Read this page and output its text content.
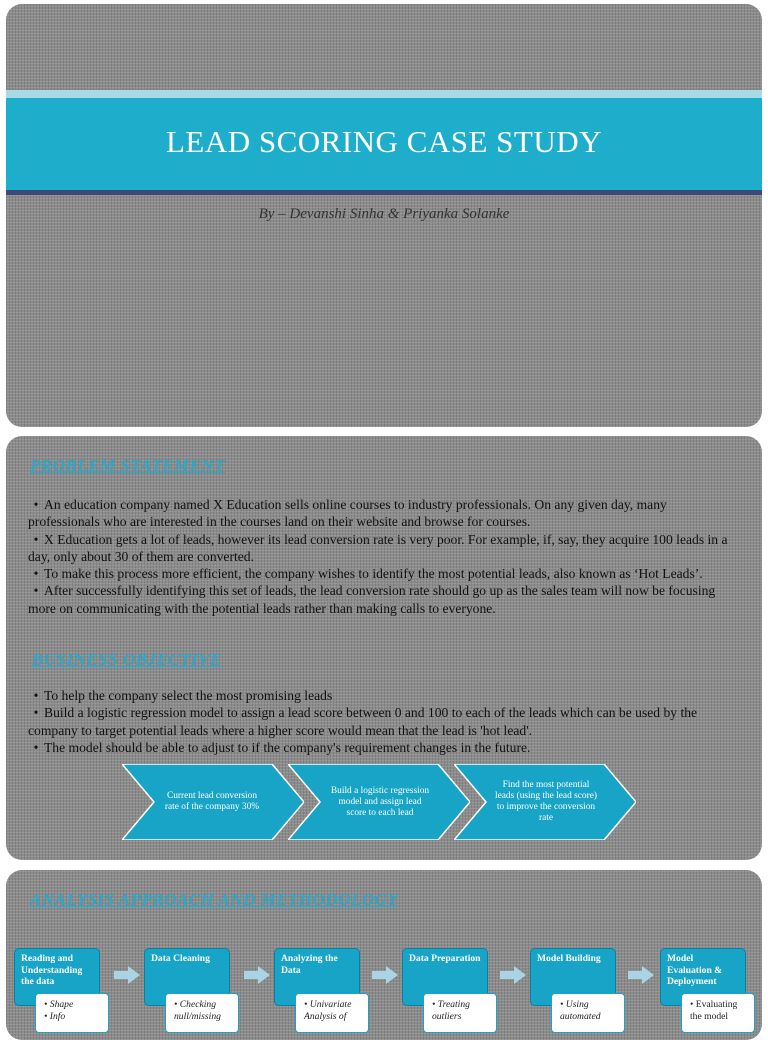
LEAD SCORING CASE STUDY
By – Devanshi Sinha & Priyanka Solanke
PROBLEM STATEMENT

• An education company named X Education sells online courses to industry professionals. On any given day, many professionals who are interested in the courses land on their website and browse for courses.

• X Education gets a lot of leads, however its lead conversion rate is very poor. For example, if, say, they acquire 100 leads in a day, only about 30 of them are converted.

• To make this process more efficient, the company wishes to identify the most potential leads, also known as ‘Hot Leads’.

• After successfully identifying this set of leads, the lead conversion rate should go up as the sales team will now be focusing more on communicating with the potential leads rather than making calls to everyone.

BUSINESS OBJECTIVE

• To help the company select the most promising leads

• Build a logistic regression model to assign a lead score between 0 and 100 to each of the leads which can be used by the company to target potential leads where a higher score would mean that the lead is 'hot lead'.

• The model should be able to adjust to if the company's requirement changes in the future.

Current lead conversion rate of the company 30%
Build a logistic regression model and assign lead score to each lead
Find the most potential leads (using the lead score) to improve the conversion rate
ANALYSIS APPROACH AND METHODOLOGY
Reading and Understanding the data
• Shape
• Info
Data Cleaning
• Checking null/missing
Analyzing the Data
• Univariate Analysis of
Data Preparation
• Treating outliers
Model Building
• Using automated
Model Evaluation & Deployment
• Evaluating the model
